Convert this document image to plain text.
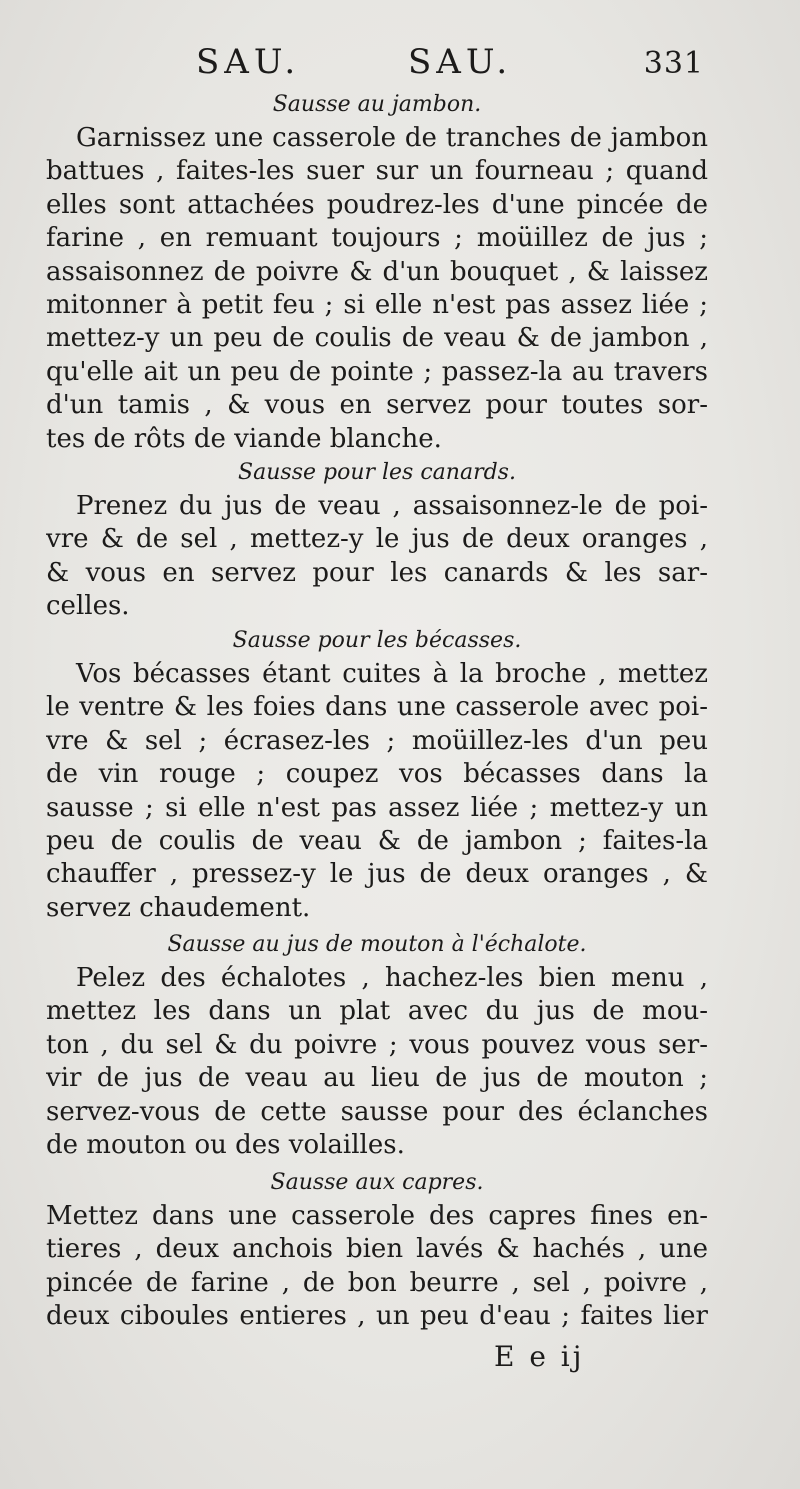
SAU.	SAU.	331
Sausse au jambon.
Garnissez une casserole de tranches de jambon
battues , faites-les suer sur un fourneau ; quand
elles sont attachées poudrez-les d'une pincée de
farine , en remuant toujours ; moüillez de jus ;
assaisonnez de poivre & d'un bouquet , & laissez
mitonner à petit feu ; si elle n'est pas assez liée ;
mettez-y un peu de coulis de veau & de jambon ,
qu'elle ait un peu de pointe ; passez-la au travers
d'un tamis , & vous en servez pour toutes sor-
tes de rôts de viande blanche.
Sausse pour les canards.
Prenez du jus de veau , assaisonnez-le de poi-
vre & de sel , mettez-y le jus de deux oranges ,
& vous en servez pour les canards & les sar-
celles.
Sausse pour les bécasses.
Vos bécasses étant cuites à la broche , mettez
le ventre & les foies dans une casserole avec poi-
vre & sel ; écrasez-les ; moüillez-les d'un peu
de vin rouge ; coupez vos bécasses dans la
sausse ; si elle n'est pas assez liée ; mettez-y un
peu de coulis de veau & de jambon ; faites-la
chauffer , pressez-y le jus de deux oranges , &
servez chaudement.
Sausse au jus de mouton à l'échalote.
Pelez des échalotes , hachez-les bien menu ,
mettez les dans un plat avec du jus de mou-
ton , du sel & du poivre ; vous pouvez vous ser-
vir de jus de veau au lieu de jus de mouton ;
servez-vous de cette sausse pour des éclanches
de mouton ou des volailles.
Sausse aux capres.
Mettez dans une casserole des capres fines en-
tieres , deux anchois bien lavés & hachés , une
pincée de farine , de bon beurre , sel , poivre ,
deux ciboules entieres , un peu d'eau ; faites lier
E e ij
